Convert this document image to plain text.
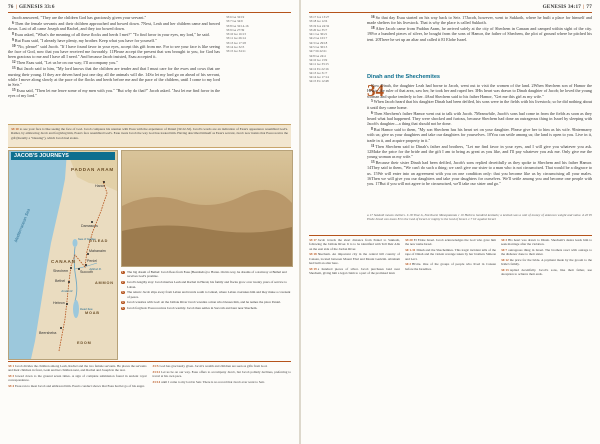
76 | GENESIS 33:6

Jacob answered, "They are the children God has graciously given your servant."

6Then the female servants and their children approached and bowed down. 7Next, Leah and her children came and bowed down. Last of all came Joseph and Rachel, and they too bowed down.

8Esau asked, "What's the meaning of all these flocks and herds I met?" "To find favor in your eyes, my lord," he said.

9But Esau said, "I already have plenty, my brother. Keep what you have for yourself."

10"No, please!" said Jacob. "If I have found favor in your eyes, accept this gift from me. For to see your face is like seeing the face of God, now that you have received me favorably. 11Please accept the present that was brought to you, for God has been gracious to me and I have all I need." And because Jacob insisted, Esau accepted it.

12Then Esau said, "Let us be on our way; I'll accompany you."

13But Jacob said to him, "My lord knows that the children are tender and that I must care for the ewes and cows that are nursing their young. If they are driven hard just one day, all the animals will die. 14So let my lord go on ahead of his servant, while I move along slowly at the pace of the flocks and herds before me and the pace of the children, until I come to my lord in Seir."

15Esau said, "Then let me leave some of my men with you." "But why do that?" Jacob asked. "Just let me find favor in the eyes of my lord."

33:6 Ge 32:19
33:7 Ge 34:9
33:8 Ge 32:14-16
33:9 Ge 27:39
33:10 Ge 16:13
33:11 Ge 26:14
33:13 Ge 17:18
33:14 Ge 32:3
33:15 Ge 34:11
33:10 to see your face is like seeing the face of God. Jacob compares his reunion with Esau with the experience of Peniel (32:22-32). Jacob's words are an indication of Esau's appearance resembled God's. Rather, by embracing Jacob and forgiving him, Esau's face resembled God's. Esau treats Jacob the way God has treated him. Having described himself as Esau's servant, Jacob now insists that Esau receive the gift (literally a "blessing"), which Jacob had stolen.
JACOB'S JOURNEYS
PADDAN ARAM
Haran
Damascus
Mediterranean Sea
CANAAN
Bethel
Shechem	Succoth
Peniel
Mahanaim
Hebron
Beersheba
GILEAD
AMMON
MOAB
EDOM
Jabbok R.
Jordan R.
Dead Sea
Sea of Galilee

1	The big dream of Bethel: Jacob flees from Esau (Beersheba) to Haran. On his way, he dreams of a stairway at Bethel and receives God's promise.

2	Jacob's lengthy stay: Jacob marries Leah and Rachel in Haran; his family and flocks grow over twenty years of service to Laban.

3	The return: Jacob slips away from Laban and travels south to Gilead, where Laban overtakes him and they make a covenant of peace.

4	Jacob wrestles with God: At the Jabbok River Jacob wrestles a man who blesses him, and he names the place Peniel.

5	Jacob forgiven: Esau receives Jacob warmly. Jacob then settles in Succoth and later near Shechem.

33:1Jacob divides the children among Leah, Rachel and the two female servants. He places the servants and their children in front, Leah and her children next, and Rachel and Joseph in the rear.

33:3bowed down to the ground seven times. A sign of complete submission found in ancient royal correspondence.

33:4Esau ran to meet Jacob and embraced him. Esau's conduct shows that Esau had let go of his anger.

33:5God has graciously given. Jacob's wealth and children are seen as gifts from God.

33:12Let us be on our way. Esau offers to accompany Jacob, but Jacob politely declines, preferring to travel at his own pace.

33:14until I come to my lord in Seir. There is no record that Jacob ever went to Seir.

GENESIS 34:17 | 77

16So that day Esau started on his way back to Seir. 17Jacob, however, went to Sukkoth, where he built a place for himself and made shelters for his livestock. That is why the place is called Sukkoth.

18After Jacob came from Paddan Aram, he arrived safely at the city of Shechem in Canaan and camped within sight of the city. 19For a hundred pieces of silver, he bought from the sons of Hamor, the father of Shechem, the plot of ground where he pitched his tent. 20There he set up an altar and called it El Elohe Israel.

33:17 Jos 13:27
33:18 Ge 12:6
33:19 Jos 24:32
33:20 Ge 35:7
34:1 Ge 30:21
34:2 Ge 10:17
34:3 Ge 29:18
34:5 Ge 30:13
34:7 Dt 22:21
34:8 Ge 24:4
34:10 Ge 13:9
34:11 Ge 33:15
34:12 Ex 22:16
34:13 Ge 31:7
34:14 Ge 17:14
34:15 Ex 12:48
Dinah and the Shechemites
34

Now Dinah, the daughter Leah had borne to Jacob, went out to visit the women of the land. 2When Shechem son of Hamor the Hivite, the ruler of that area, saw her, he took her and raped her. 3His heart was drawn to Dinah daughter of Jacob; he loved the young woman and spoke tenderly to her. 4And Shechem said to his father Hamor, "Get me this girl as my wife."

5When Jacob heard that his daughter Dinah had been defiled, his sons were in the fields with his livestock; so he did nothing about it until they came home.

6Then Shechem's father Hamor went out to talk with Jacob. 7Meanwhile, Jacob's sons had come in from the fields as soon as they heard what had happened. They were shocked and furious, because Shechem had done an outrageous thing in Israel by sleeping with Jacob's daughter—a thing that should not be done.

8But Hamor said to them, "My son Shechem has his heart set on your daughter. Please give her to him as his wife. 9Intermarry with us; give us your daughters and take our daughters for yourselves. 10You can settle among us; the land is open to you. Live in it, trade in it, and acquire property in it."

11Then Shechem said to Dinah's father and brothers, "Let me find favor in your eyes, and I will give you whatever you ask. 12Make the price for the bride and the gift I am to bring as great as you like, and I'll pay whatever you ask me. Only give me the young woman as my wife."

13Because their sister Dinah had been defiled, Jacob's sons replied deceitfully as they spoke to Shechem and his father Hamor. 14They said to them, "We can't do such a thing; we can't give our sister to a man who is not circumcised. That would be a disgrace to us. 15We will enter into an agreement with you on one condition only: that you become like us by circumcising all your males. 16Then we will give you our daughters and take your daughters for ourselves. We'll settle among you and become one people with you. 17But if you will not agree to be circumcised, we'll take our sister and go."

a 17 Sukkoth means shelters. b 18 That is, Northwest Mesopotamia c 19 Hebrew hundred kesitahs; a kesitah was a unit of money of unknown weight and value. d 20 El Elohe Israel can mean El is the God of Israel or mighty is the God of Israel. e 7 Or against Israel

33:17Jacob travels the short distance from Peniel to Sukkoth, following the Jabbok River. It is to be identified with Tell Deir Alla on the east side of the Jordan River.

33:18Shechem. An important city in the central hill country of Canaan, located between Mount Ebal and Mount Gerizim. Abraham had built an altar here.

33:19a hundred pieces of silver. Jacob purchases land near Shechem, giving him a legal claim to a part of the promised land.

33:20El Elohe Israel. Jacob acknowledges the God who gave him the new name Israel.

34:1-31Dinah and the Shechemites. This tragic incident tells of the rape of Dinah and the violent revenge taken by her brothers Simeon and Levi.

34:2Hivite. One of the groups of people who lived in Canaan before the Israelites.

34:3His heart was drawn to Dinah. Shechem's desire leads him to seek marriage after the violation.

34:7outrageous thing in Israel. The brothers react with outrage to the dishonor done to their sister.

34:12the price for the bride. A payment made by the groom to the bride's family.

34:13replied deceitfully. Jacob's sons, like their father, use deception to achieve their ends.
